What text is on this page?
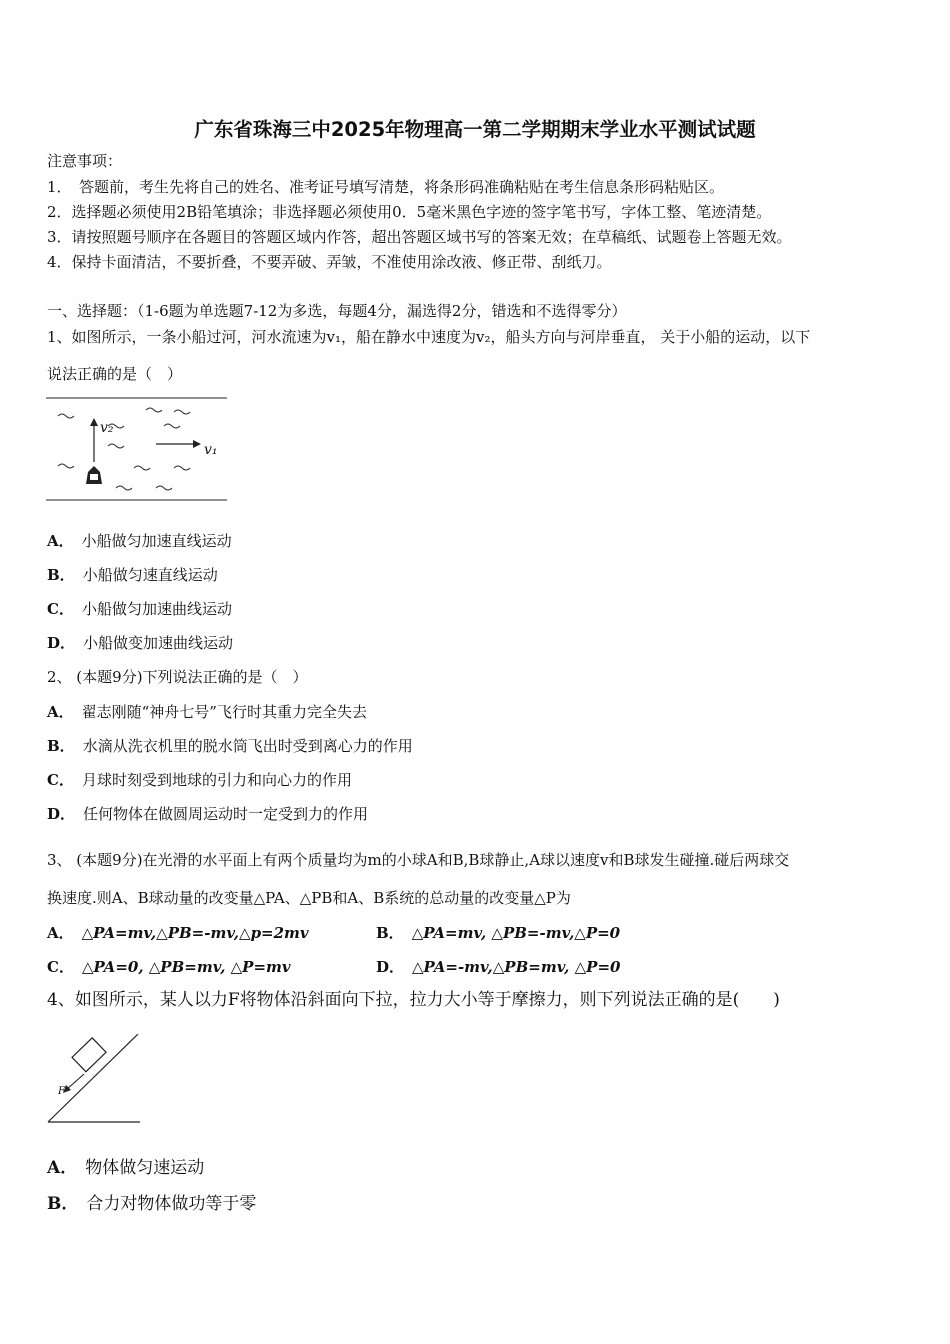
广东省珠海三中2025年物理高一第二学期期末学业水平测试试题
注意事项：
1．　答题前，考生先将自己的姓名、准考证号填写清楚，将条形码准确粘贴在考生信息条形码粘贴区。
2．选择题必须使用2B铅笔填涂；非选择题必须使用0．5毫米黑色字迹的签字笔书写，字体工整、笔迹清楚。
3．请按照题号顺序在各题目的答题区域内作答，超出答题区域书写的答案无效；在草稿纸、试题卷上答题无效。
4．保持卡面清洁，不要折叠，不要弄破、弄皱，不准使用涂改液、修正带、刮纸刀。
一、选择题：（1-6题为单选题7-12为多选，每题4分，漏选得2分，错选和不选得零分）
1、如图所示，一条小船过河，河水流速为v₁，船在静水中速度为v₂，船头方向与河岸垂直， 关于小船的运动，以下
说法正确的是（　）
v₂
v₁
A． 小船做匀加速直线运动
B． 小船做匀速直线运动
C． 小船做匀加速曲线运动
D． 小船做变加速曲线运动
2、 (本题9分)下列说法正确的是（　）
A． 翟志刚随“神舟七号”飞行时其重力完全失去
B． 水滴从洗衣机里的脱水筒飞出时受到离心力的作用
C． 月球时刻受到地球的引力和向心力的作用
D． 任何物体在做圆周运动时一定受到力的作用
3、 (本题9分)在光滑的水平面上有两个质量均为m的小球A和B,B球静止,A球以速度v和B球发生碰撞.碰后两球交
换速度.则A、B球动量的改变量△PA、△PB和A、B系统的总动量的改变量△P为
A． △PA=mv,△PB=-mv,△p=2mv	B． △PA=mv, △PB=-mv,△P=0
C． △PA=0, △PB=mv, △P=mv	D． △PA=-mv,△PB=mv, △P=0
4、如图所示，某人以力F将物体沿斜面向下拉，拉力大小等于摩擦力，则下列说法正确的是(　　)
F
A． 物体做匀速运动
B． 合力对物体做功等于零
